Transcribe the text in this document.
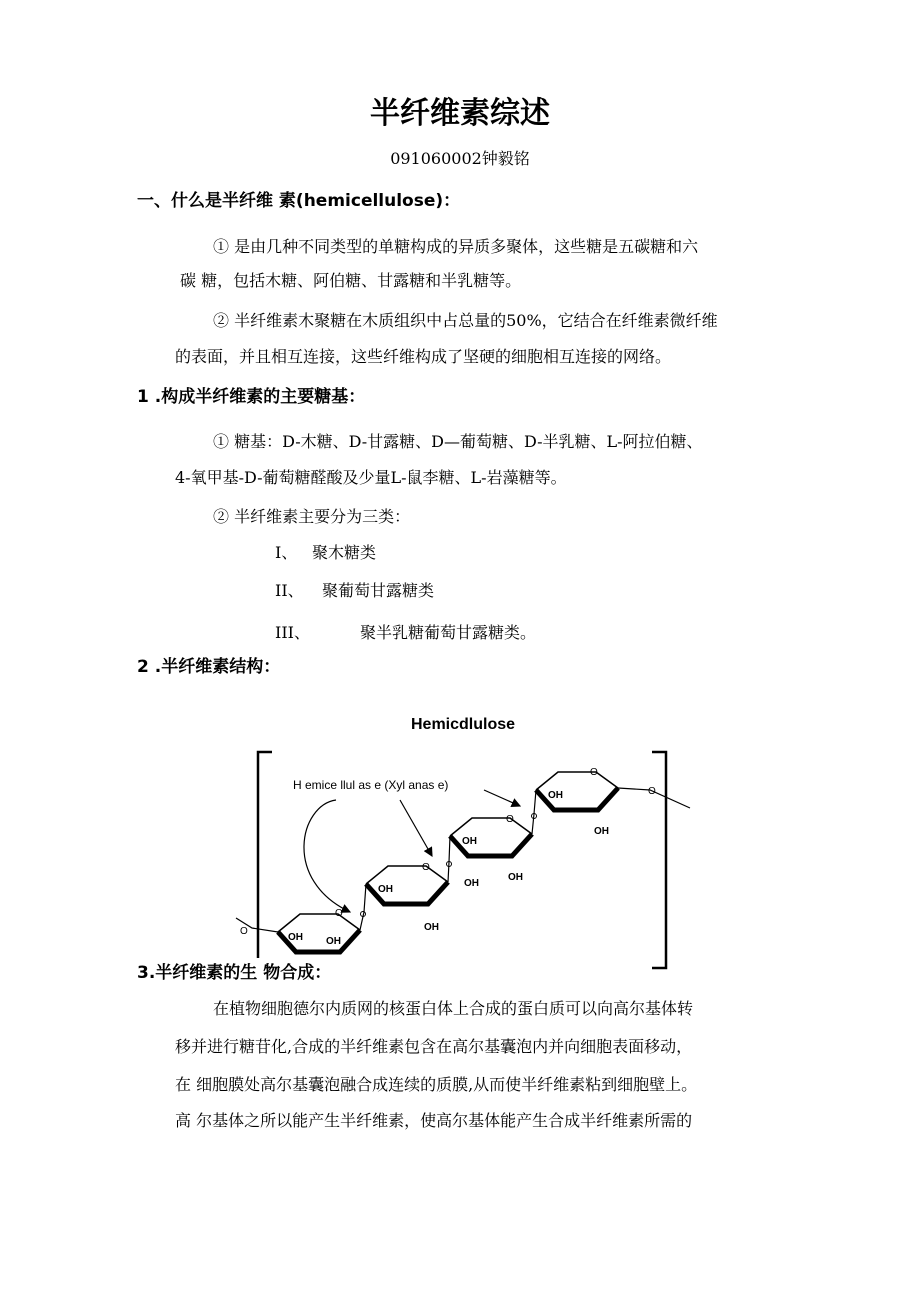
半纤维素综述
091060002钟毅铭
一、什么是半纤维 素(hemicellulose)：
① 是由几种不同类型的单糖构成的异质多聚体，这些糖是五碳糖和六
碳 糖，包括木糖、阿伯糖、甘露糖和半乳糖等。
② 半纤维素木聚糖在木质组织中占总量的50%，它结合在纤维素微纤维
的表面，并且相互连接，这些纤维构成了坚硬的细胞相互连接的网络。
1 .构成半纤维素的主要糖基：
① 糖基：D-木糖、D-甘露糖、D—葡萄糖、D-半乳糖、L-阿拉伯糖、
4-氧甲基-D-葡萄糖醛酸及少量L-鼠李糖、L-岩藻糖等。
② 半纤维素主要分为三类：
I、 聚木糖类
II、 聚葡萄甘露糖类
III、	聚半乳糖葡萄甘露糖类。
2 .半纤维素结构：
Hemicdlulose
H emice llul as e (Xyl anas e)
OH OH
OH
OH
OH
OH
OH
OH
OH
O
O
O
O
O
O
3.半纤维素的生 物合成：
在植物细胞德尔内质网的核蛋白体上合成的蛋白质可以向高尔基体转
移并进行糖苷化,合成的半纤维素包含在高尔基囊泡内并向细胞表面移动，
在 细胞膜处高尔基囊泡融合成连续的质膜,从而使半纤维素粘到细胞壁上。
高 尔基体之所以能产生半纤维素，使高尔基体能产生合成半纤维素所需的
